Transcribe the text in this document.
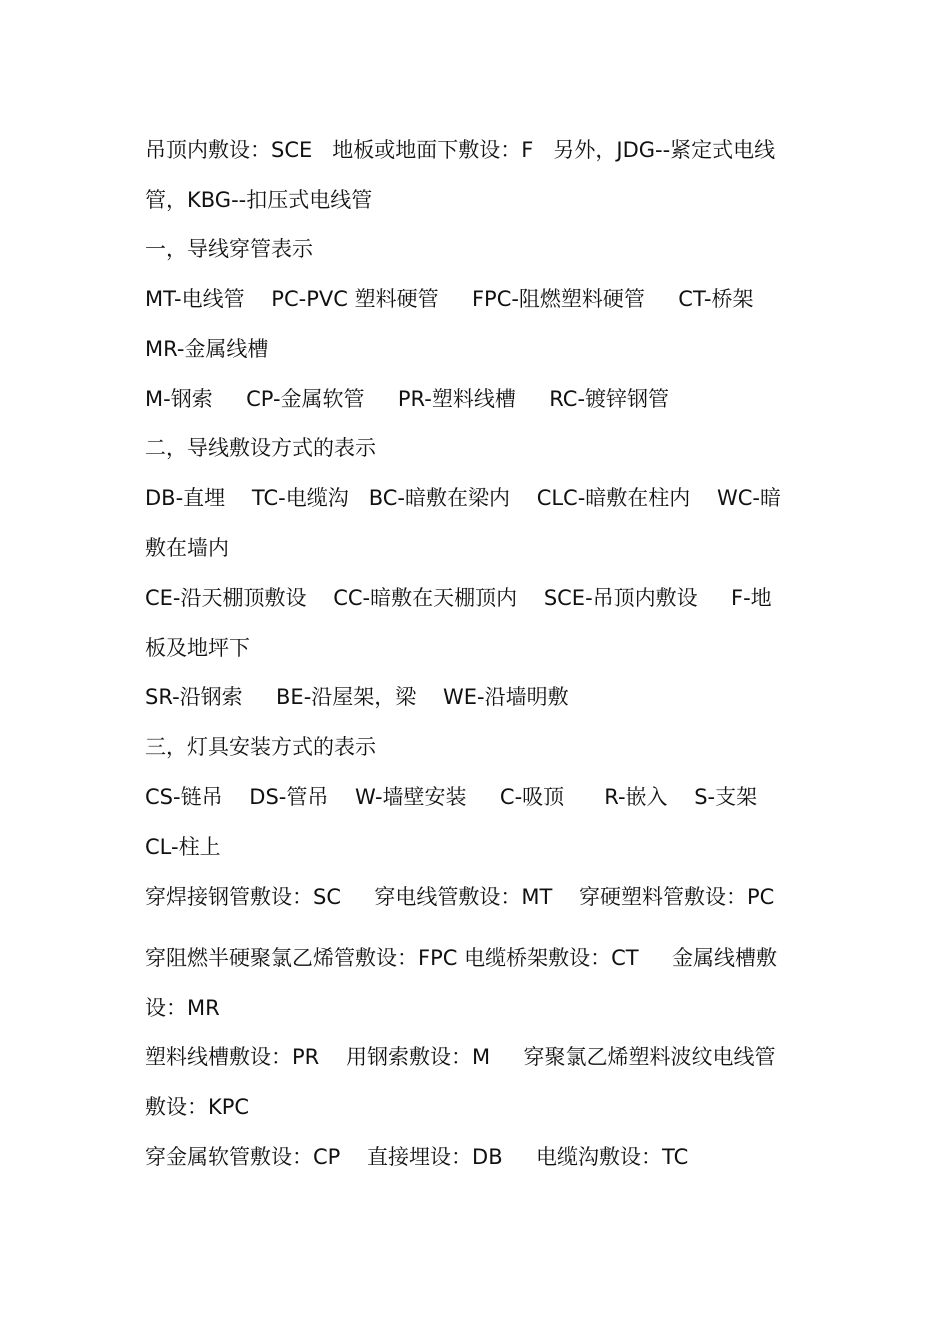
吊顶内敷设：SCE   地板或地面下敷设：F   另外，JDG--紧定式电线
管，KBG--扣压式电线管
一，导线穿管表示
MT-电线管    PC-PVC 塑料硬管     FPC-阻燃塑料硬管     CT-桥架
MR-金属线槽
M-钢索     CP-金属软管     PR-塑料线槽     RC-镀锌钢管
二，导线敷设方式的表示
DB-直埋    TC-电缆沟   BC-暗敷在梁内    CLC-暗敷在柱内    WC-暗
敷在墙内
CE-沿天棚顶敷设    CC-暗敷在天棚顶内    SCE-吊顶内敷设     F-地
板及地坪下
SR-沿钢索     BE-沿屋架，梁    WE-沿墙明敷
三，灯具安装方式的表示
CS-链吊    DS-管吊    W-墙壁安装     C-吸顶      R-嵌入    S-支架
CL-柱上
穿焊接钢管敷设：SC     穿电线管敷设：MT    穿硬塑料管敷设：PC
穿阻燃半硬聚氯乙烯管敷设：FPC 电缆桥架敷设：CT     金属线槽敷
设：MR
塑料线槽敷设：PR    用钢索敷设：M     穿聚氯乙烯塑料波纹电线管
敷设：KPC
穿金属软管敷设：CP    直接埋设：DB     电缆沟敷设：TC
